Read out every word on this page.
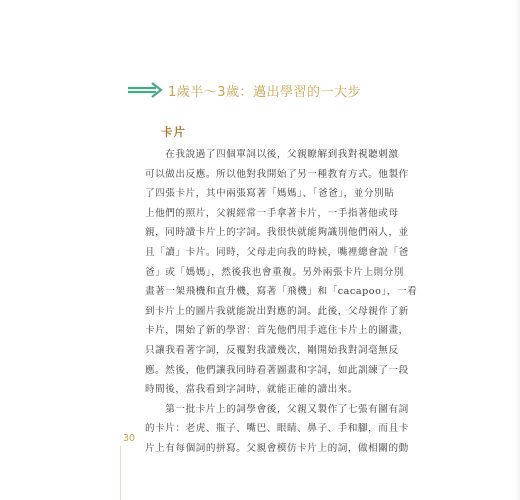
1歲半～3歲：邁出學習的一大步
卡片
　　在我說過了四個單詞以後，父親瞭解到我對視聽刺激
可以做出反應。所以他對我開始了另一種教育方式。他製作
了四張卡片，其中兩張寫著「媽媽」、「爸爸」，並分別貼
上他們的照片，父親經常一手拿著卡片，一手指著他或母
親，同時讀卡片上的字詞。我很快就能夠識別他們兩人，並
且「讀」卡片。同時，父母走向我的時候，嘴裡總會說「爸
爸」或「媽媽」，然後我也會重複。另外兩張卡片上則分別
畫著一架飛機和直升機，寫著「飛機」和「cacapoo」，一看
到卡片上的圖片我就能說出對應的詞。此後，父母親作了新
卡片，開始了新的學習：首先他們用手遮住卡片上的圖畫，
只讓我看著字詞，反覆對我讀幾次，剛開始我對詞毫無反
應。然後，他們讓我同時看著圖畫和字詞，如此訓練了一段
時間後，當我看到字詞時，就能正確的讀出來。
　　第一批卡片上的詞學會後，父親又製作了七張有圖有詞
的卡片：老虎、瓶子、嘴巴、眼睛、鼻子、手和腳，而且卡
片上有每個詞的拼寫。父親會模仿卡片上的詞，做相關的動
30
